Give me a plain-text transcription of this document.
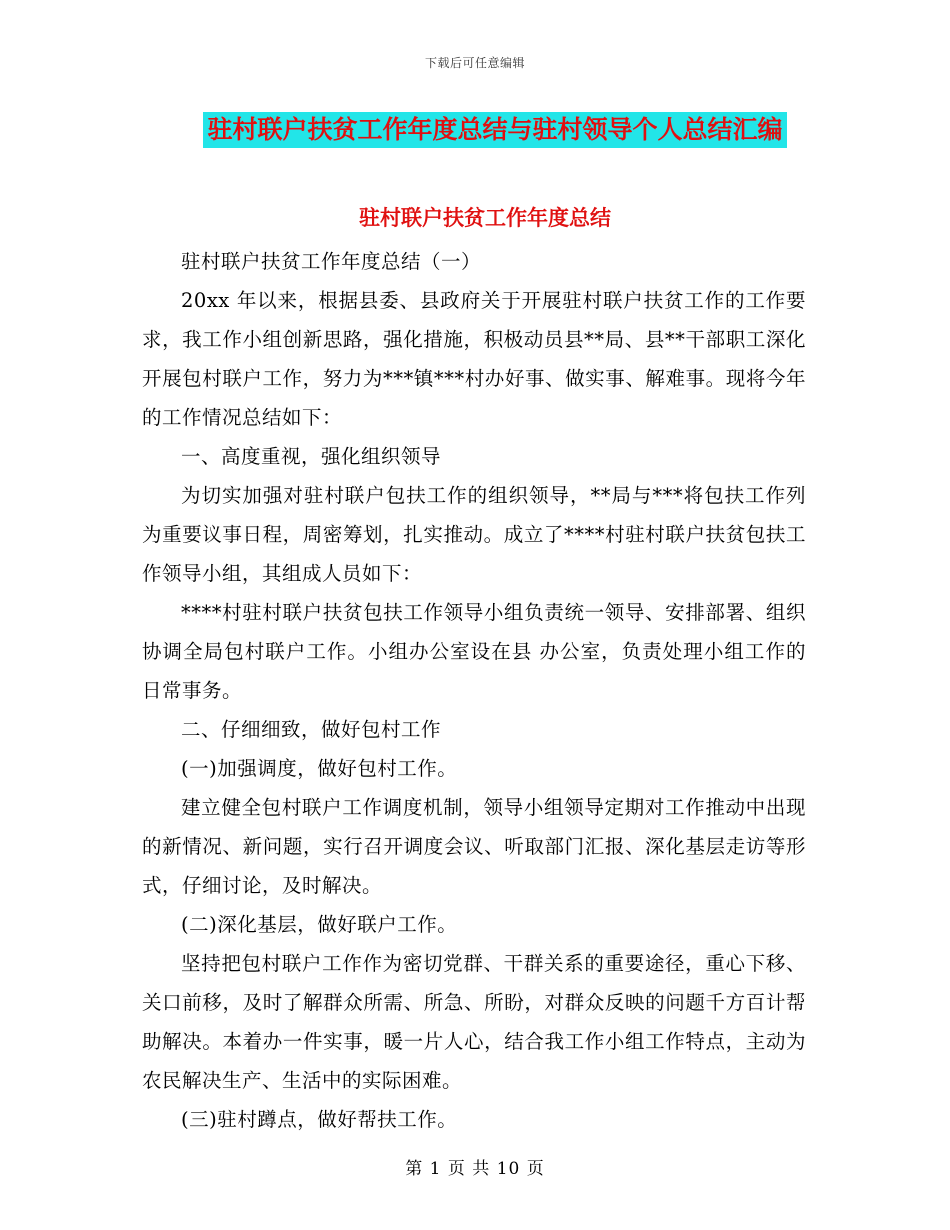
下载后可任意编辑
驻村联户扶贫工作年度总结与驻村领导个人总结汇编
驻村联户扶贫工作年度总结

驻村联户扶贫工作年度总结（一）

20xx 年以来，根据县委、县政府关于开展驻村联户扶贫工作的工作要求，我工作小组创新思路，强化措施，积极动员县**局、县**干部职工深化开展包村联户工作，努力为***镇***村办好事、做实事、解难事。现将今年的工作情况总结如下：

一、高度重视，强化组织领导

为切实加强对驻村联户包扶工作的组织领导，**局与***将包扶工作列为重要议事日程，周密筹划，扎实推动。成立了****村驻村联户扶贫包扶工作领导小组，其组成人员如下：

****村驻村联户扶贫包扶工作领导小组负责统一领导、安排部署、组织协调全局包村联户工作。小组办公室设在县 办公室，负责处理小组工作的日常事务。

二、仔细细致，做好包村工作

(一)加强调度，做好包村工作。

建立健全包村联户工作调度机制，领导小组领导定期对工作推动中出现的新情况、新问题，实行召开调度会议、听取部门汇报、深化基层走访等形式，仔细讨论，及时解决。

(二)深化基层，做好联户工作。

坚持把包村联户工作作为密切党群、干群关系的重要途径，重心下移、关口前移，及时了解群众所需、所急、所盼，对群众反映的问题千方百计帮助解决。本着办一件实事，暖一片人心，结合我工作小组工作特点，主动为农民解决生产、生活中的实际困难。

(三)驻村蹲点，做好帮扶工作。

第 1 页 共 10 页
